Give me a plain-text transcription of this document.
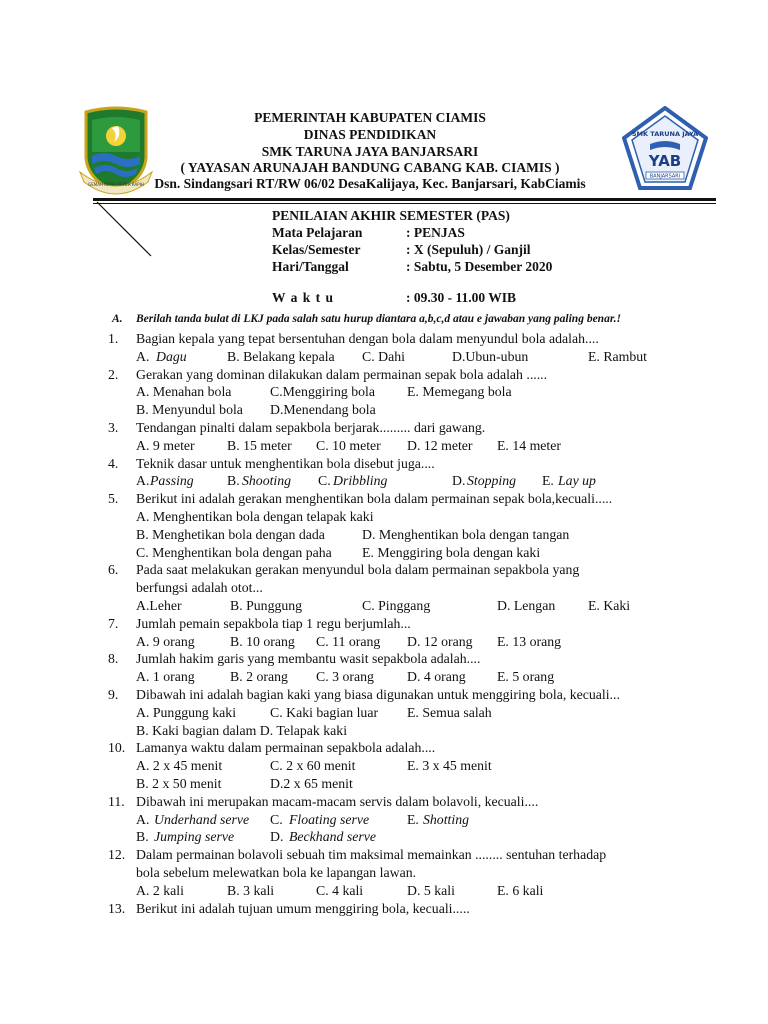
GEMAH RIPAH REPEH RAPIH
SMK TARUNA JAYA
YAB
BANJARSARI
PEMERINTAH KABUPATEN CIAMIS
DINAS PENDIDIKAN
SMK TARUNA JAYA BANJARSARI
( YAYASAN ARUNAJAH BANDUNG CABANG KAB. CIAMIS )
Dsn. Sindangsari RT/RW 06/02 DesaKalijaya, Kec. Banjarsari, KabCiamis
PENILAIAN AKHIR SEMESTER (PAS)
Mata Pelajaran	: PENJAS
Kelas/Semester	: X (Sepuluh) / Ganjil
Hari/Tanggal	: Sabtu, 5 Desember 2020
W a k t u	: 09.30 - 11.00 WIB
A. Berilah tanda bulat di LKJ pada salah satu hurup diantara a,b,c,d atau e jawaban yang paling benar.!
1. Bagian kepala yang tepat bersentuhan dengan bola dalam menyundul bola adalah....
A. Dagu	B. Belakang kepala C. Dahi	D.Ubun-ubun	E. Rambut
2. Gerakan yang dominan dilakukan dalam permainan sepak bola adalah ......
A. Menahan bola	C.Menggiring bola E. Memegang bola
B. Menyundul bola D.Menendang bola
3. Tendangan pinalti dalam sepakbola berjarak......... dari gawang.
A. 9 meter B. 15 meter C. 10 meter D. 12 meter E. 14 meter
4. Teknik dasar untuk menghentikan bola disebut juga....
A. Passing B. Shooting C. Dribbling	D. Stopping E. Lay up
5. Berikut ini adalah gerakan menghentikan bola dalam permainan sepak bola,kecuali.....
A. Menghentikan bola dengan telapak kaki
B. Menghetikan bola dengan dada	D. Menghentikan bola dengan tangan
C. Menghentikan bola dengan paha E. Menggiring bola dengan kaki
6. Pada saat melakukan gerakan menyundul bola dalam permainan sepakbola yang
berfungsi adalah otot...
A.Leher	B. Punggung	C. Pinggang	D. Lengan E. Kaki
7. Jumlah pemain sepakbola tiap 1 regu berjumlah...
A. 9 orang	B. 10 orang C. 11 orang D. 12 orang E. 13 orang
8. Jumlah hakim garis yang membantu wasit sepakbola adalah....
A. 1 orang	B. 2 orang C. 3 orang D. 4 orang E. 5 orang
9. Dibawah ini adalah bagian kaki yang biasa digunakan untuk menggiring bola, kecuali...
A. Punggung kaki C. Kaki bagian luar E. Semua salah
B. Kaki bagian dalam D. Telapak kaki
10. Lamanya waktu dalam permainan sepakbola adalah....
A. 2 x 45 menit	C. 2 x 60 menit	E. 3 x 45 menit
B. 2 x 50 menit	D.2 x 65 menit
11. Dibawah ini merupakan macam-macam servis dalam bolavoli, kecuali....
A. Underhand serve C. Floating serve	E. Shotting
B. Jumping serve	D. Beckhand serve
12. Dalam permainan bolavoli sebuah tim maksimal memainkan ........ sentuhan terhadap
bola sebelum melewatkan bola ke lapangan lawan.
A. 2 kali	B. 3 kali	C. 4 kali	D. 5 kali	E. 6 kali
13. Berikut ini adalah tujuan umum menggiring bola, kecuali.....
